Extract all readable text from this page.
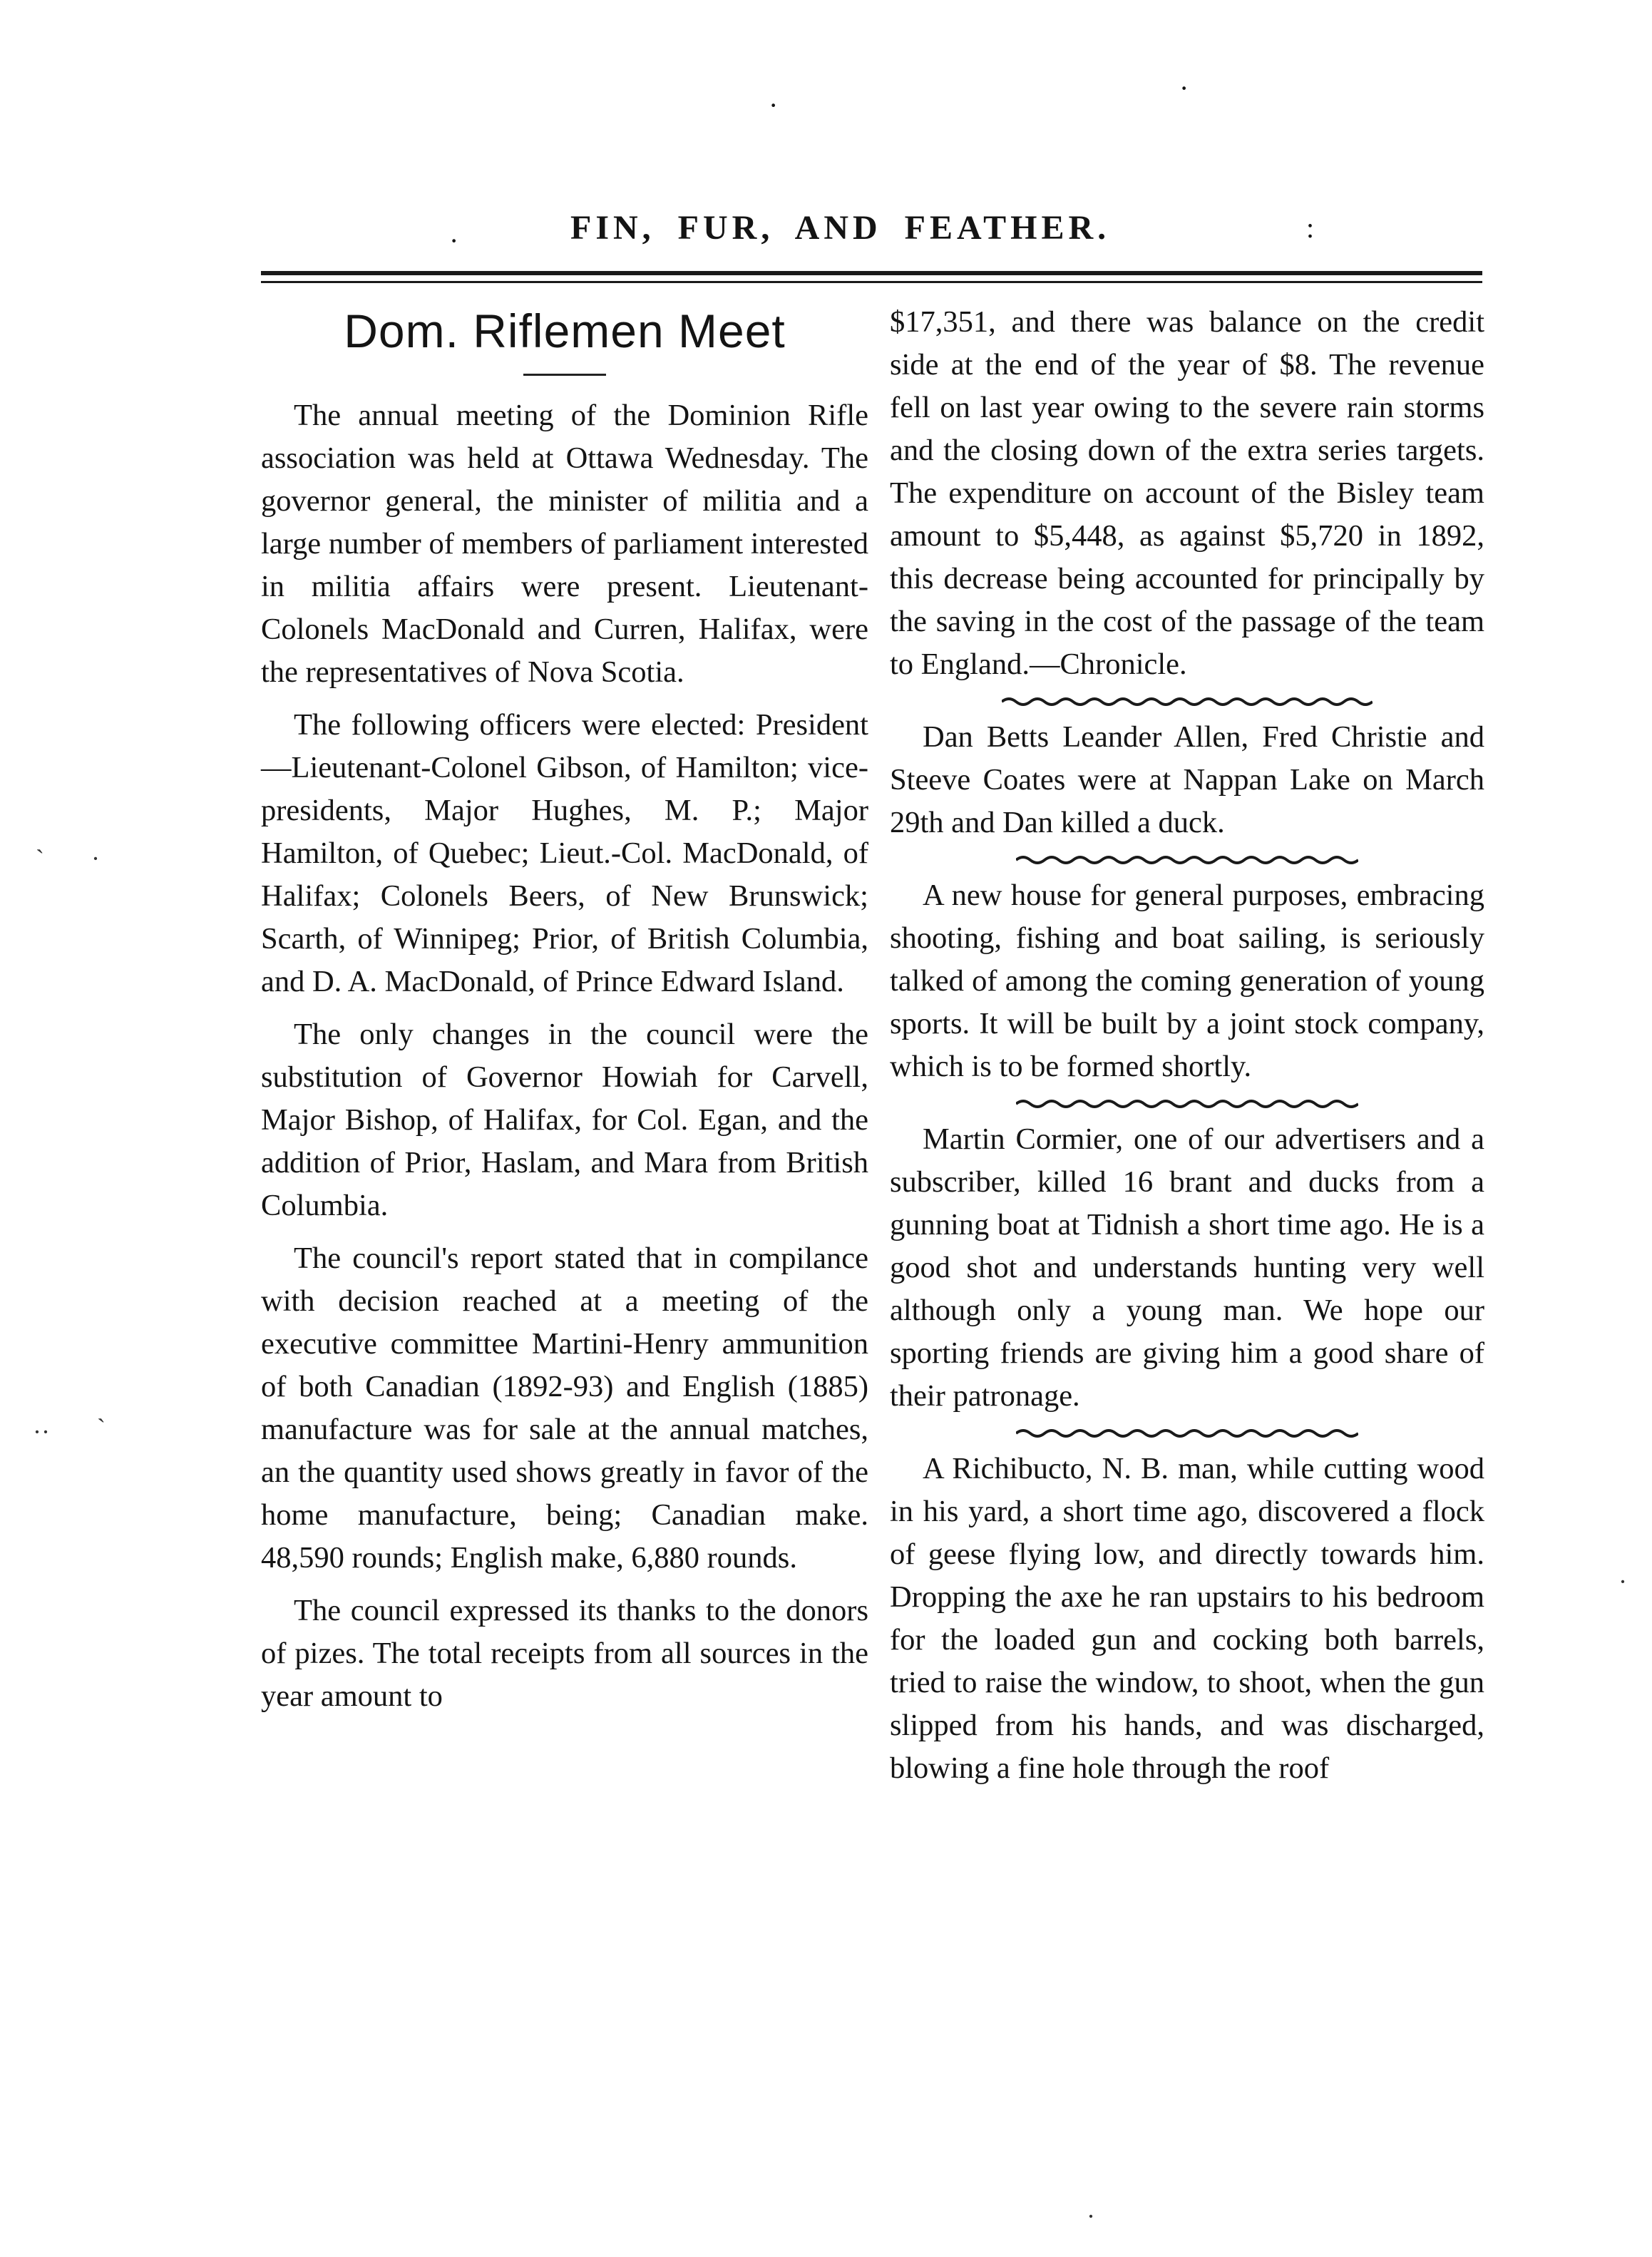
·
·
·	:
FIN, FUR, AND FEATHER.
` ·
·· `
·
·
Dom. Riflemen Meet

The annual meeting of the Dominion Rifle association was held at Ottawa Wednesday. The governor general, the minister of militia and a large number of members of parliament interested in militia affairs were present. Lieutenant-Colonels MacDonald and Curren, Halifax, were the representatives of Nova Scotia.

The following officers were elected: President—Lieutenant-Colonel Gibson, of Hamilton; vice-presidents, Major Hughes, M. P.; Major Hamilton, of Quebec; Lieut.-Col. MacDonald, of Halifax; Colonels Beers, of New Brunswick; Scarth, of Winnipeg; Prior, of British Columbia, and D. A. MacDonald, of Prince Edward Island.

The only changes in the council were the substitution of Governor Howiah for Carvell, Major Bishop, of Halifax, for Col. Egan, and the addition of Prior, Haslam, and Mara from British Columbia.

The council's report stated that in compilance with decision reached at a meeting of the executive committee Martini-Henry ammunition of both Canadian (1892-93) and English (1885) manufacture was for sale at the annual matches, an the quantity used shows greatly in favor of the home manufacture, being; Canadian make. 48,590 rounds; English make, 6,880 rounds.

The council expressed its thanks to the donors of pizes. The total receipts from all sources in the year amount to

$17,351, and there was balance on the credit side at the end of the year of $8. The revenue fell on last year owing to the severe rain storms and the closing down of the extra series targets. The expenditure on account of the Bisley team amount to $5,448, as against $5,720 in 1892, this decrease being accounted for principally by the saving in the cost of the passage of the team to England.—Chronicle.

Dan Betts Leander Allen, Fred Christie and Steeve Coates were at Nappan Lake on March 29th and Dan killed a duck.

A new house for general purposes, embracing shooting, fishing and boat sailing, is seriously talked of among the coming generation of young sports. It will be built by a joint stock company, which is to be formed shortly.

Martin Cormier, one of our advertisers and a subscriber, killed 16 brant and ducks from a gunning boat at Tidnish a short time ago. He is a good shot and understands hunting very well although only a young man. We hope our sporting friends are giving him a good share of their patronage.

A Richibucto, N. B. man, while cutting wood in his yard, a short time ago, discovered a flock of geese flying low, and directly towards him. Dropping the axe he ran upstairs to his bedroom for the loaded gun and cocking both barrels, tried to raise the window, to shoot, when the gun slipped from his hands, and was discharged, blowing a fine hole through the roof
